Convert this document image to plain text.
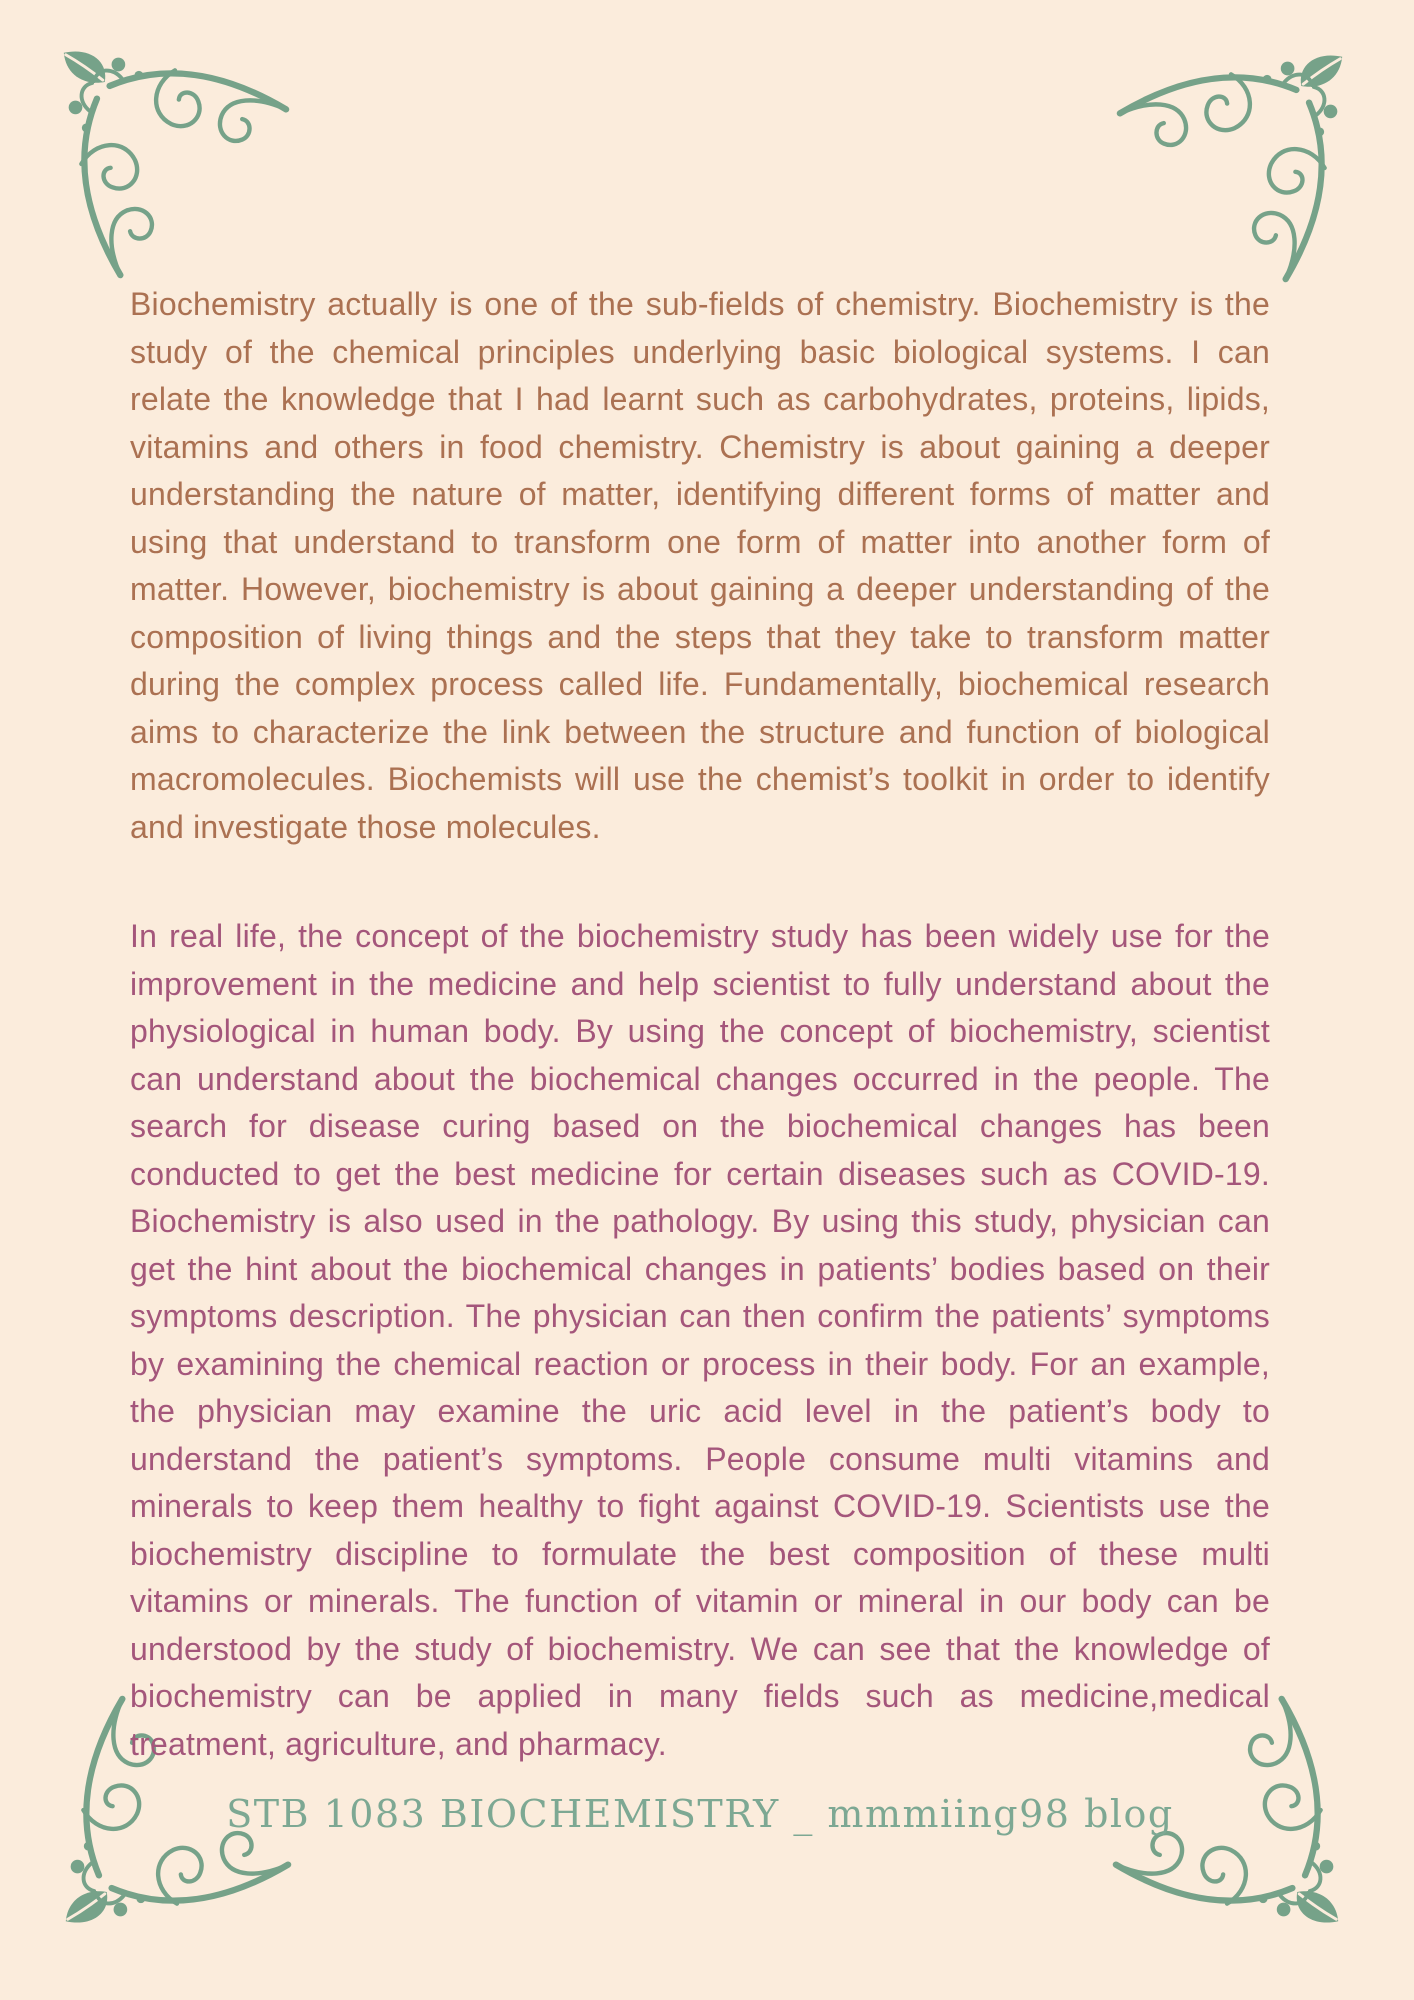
Biochemistry actually is one of the sub-fields of chemistry. Biochemistry is the study of the chemical principles underlying basic biological systems. I can relate the knowledge that I had learnt such as carbohydrates, proteins, lipids, vitamins and others in food chemistry. Chemistry is about gaining a deeper understanding the nature of matter, identifying different forms of matter and using that understand to transform one form of matter into another form of matter. However, biochemistry is about gaining a deeper understanding of the composition of living things and the steps that they take to transform matter during the complex process called life. Fundamentally, biochemical research aims to characterize the link between the structure and function of biological macromolecules. Biochemists will use the chemist’s toolkit in order to identify and investigate those molecules.

In real life, the concept of the biochemistry study has been widely use for the improvement in the medicine and help scientist to fully understand about the physiological in human body. By using the concept of biochemistry, scientist can understand about the biochemical changes occurred in the people. The search for disease curing based on the biochemical changes has been conducted to get the best medicine for certain diseases such as COVID-19. Biochemistry is also used in the pathology. By using this study, physician can get the hint about the biochemical changes in patients’ bodies based on their symptoms description. The physician can then confirm the patients’ symptoms by examining the chemical reaction or process in their body. For an example, the physician may examine the uric acid level in the patient’s body to understand the patient’s symptoms. People consume multi vitamins and minerals to keep them healthy to fight against COVID-19. Scientists use the biochemistry discipline to formulate the best composition of these multi vitamins or minerals. The function of vitamin or mineral in our body can be understood by the study of biochemistry. We can see that the knowledge of biochemistry can be applied in many fields such as medicine,medical treatment, agriculture, and pharmacy.

STB 1083 BIOCHEMISTRY _ mmmiing98 blog
